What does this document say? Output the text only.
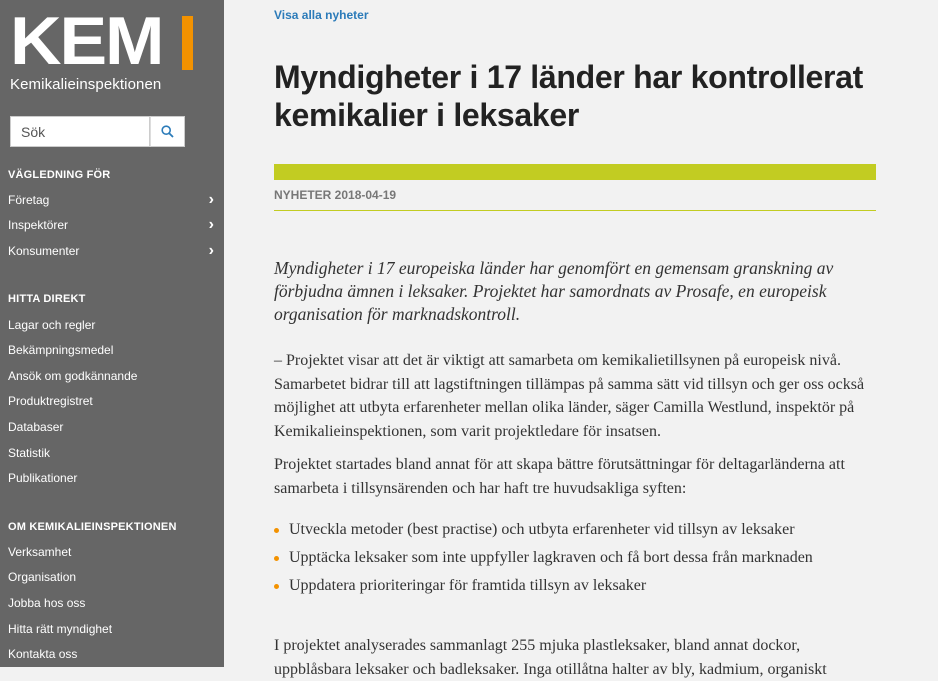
KEM
Kemikalieinspektionen
Sök
VÄGLEDNING FÖR
Företag	›
Inspektörer	›
Konsumenter	›
HITTA DIREKT
Lagar och regler
Bekämpningsmedel
Ansök om godkännande
Produktregistret
Databaser
Statistik
Publikationer
OM KEMIKALIEINSPEKTIONEN
Verksamhet
Organisation
Jobba hos oss
Hitta rätt myndighet
Kontakta oss
Visa alla nyheter
Myndigheter i 17 länder har kontrollerat kemikalier i leksaker
NYHETER 2018-04-19

Myndigheter i 17 europeiska länder har genomfört en gemensam granskning av förbjudna ämnen i leksaker. Projektet har samordnats av Prosafe, en europeisk organisation för marknadskontroll.

– Projektet visar att det är viktigt att samarbeta om kemikalietillsynen på europeisk nivå. Samarbetet bidrar till att lagstiftningen tillämpas på samma sätt vid tillsyn och ger oss också möjlighet att utbyta erfarenheter mellan olika länder, säger Camilla Westlund, inspektör på Kemikalieinspektionen, som varit projektledare för insatsen.

Projektet startades bland annat för att skapa bättre förutsättningar för deltagarländerna att samarbeta i tillsynsärenden och har haft tre huvudsakliga syften:

Utveckla metoder (best practise) och utbyta erfarenheter vid tillsyn av leksaker
Upptäcka leksaker som inte uppfyller lagkraven och få bort dessa från marknaden
Uppdatera prioriteringar för framtida tillsyn av leksaker

I projektet analyserades sammanlagt 255 mjuka plastleksaker, bland annat dockor, uppblåsbara leksaker och badleksaker. Inga otillåtna halter av bly, kadmium, organiskt
